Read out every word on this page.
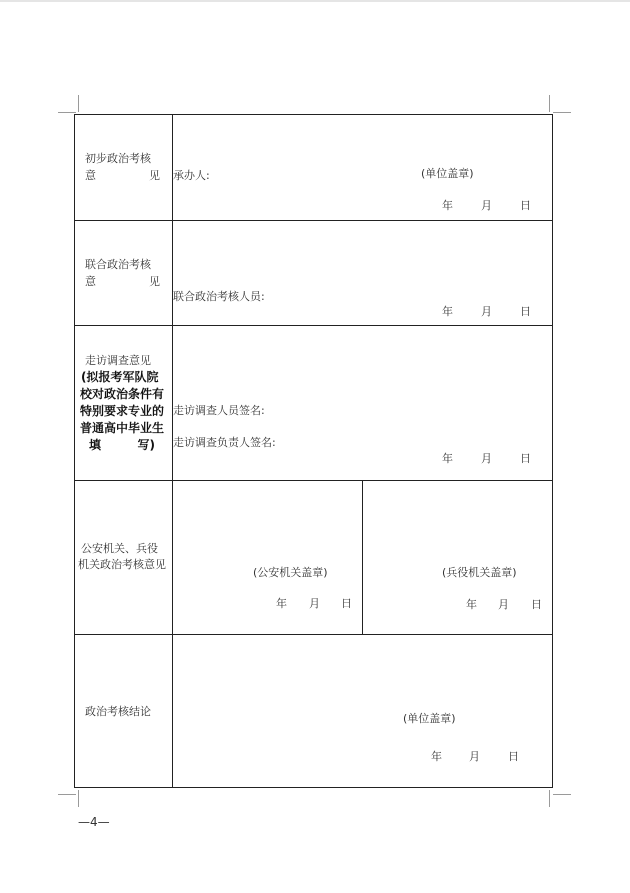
初步政治考核
意	见 承办人:	(单位盖章)
年	月	日
联合政治考核
意	见
联合政治考核人员:
年	月	日
走访调查意见
(拟报考军队院
校对政治条件有
特别要求专业的
普通高中毕业生
填	写)
走访调查人员签名:
走访调查负责人签名:
年	月	日
公安机关、兵役
机关政治考核意见
(公安机关盖章)	(兵役机关盖章)
年 月 日	年 月 日
政治考核结论
(单位盖章)
年 月	日
—4—
